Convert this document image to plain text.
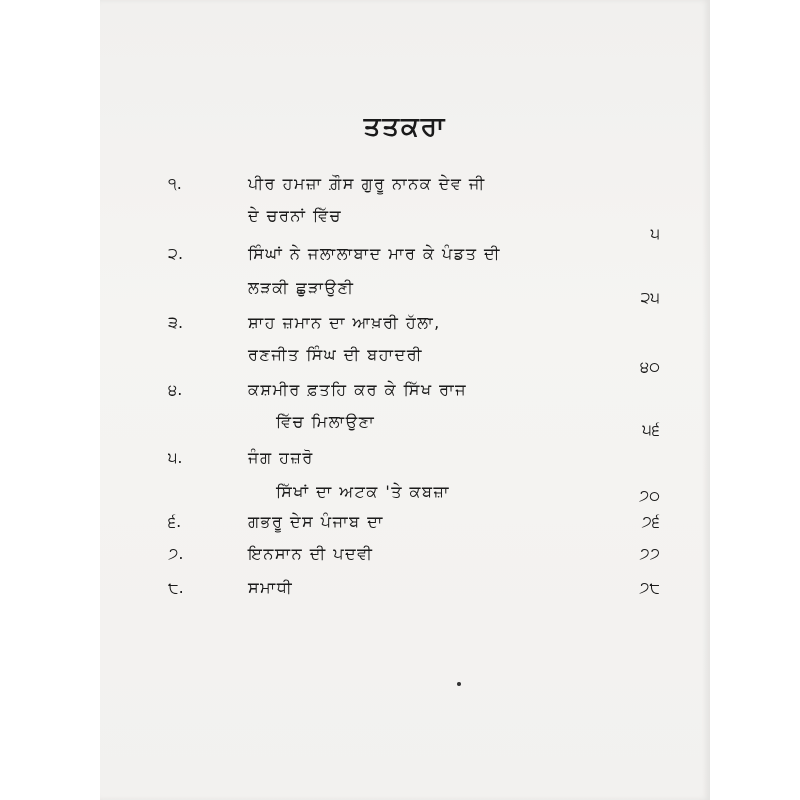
ਤਤਕਰਾ
੧.	ਪੀਰ ਹਮਜ਼ਾ ਗ਼ੌਸ ਗੁਰੂ ਨਾਨਕ ਦੇਵ ਜੀ
ਦੇ ਚਰਨਾਂ ਵਿੱਚ
੫
੨.	ਸਿੰਘਾਂ ਨੇ ਜਲਾਲਾਬਾਦ ਮਾਰ ਕੇ ਪੰਡਤ ਦੀ
ਲੜਕੀ ਛੁੜਾਉਣੀ
੨੫
੩.	ਸ਼ਾਹ ਜ਼ਮਾਨ ਦਾ ਆਖ਼ਰੀ ਹੱਲਾ,
ਰਣਜੀਤ ਸਿੰਘ ਦੀ ਬਹਾਦਰੀ
੪੦
੪.	ਕਸ਼ਮੀਰ ਫ਼ਤਹਿ ਕਰ ਕੇ ਸਿੱਖ ਰਾਜ
ਵਿੱਚ ਮਿਲਾਉਣਾ	੫੬
੫.	ਜੰਗ ਹਜ਼ਰੋ
ਸਿੱਖਾਂ ਦਾ ਅਟਕ 'ਤੇ ਕਬਜ਼ਾ	੭੦
੬.	ਗਭਰੂ ਦੇਸ ਪੰਜਾਬ ਦਾ	੭੬
੭.	ਇਨਸਾਨ ਦੀ ਪਦਵੀ	੭੭
੮.	ਸਮਾਧੀ	੭੮
